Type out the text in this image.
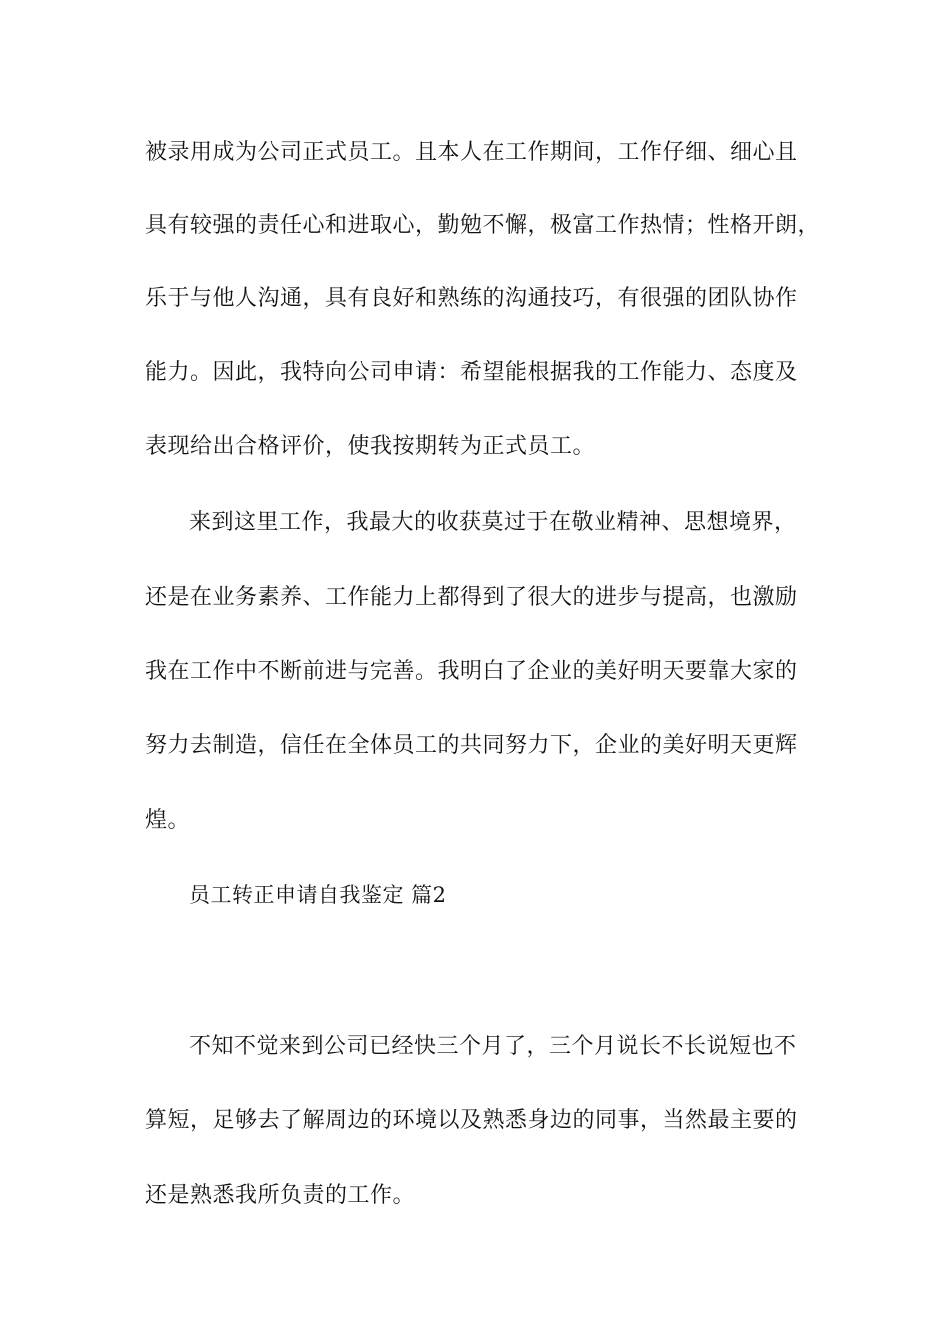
被录用成为公司正式员工。且本人在工作期间，工作仔细、细心且
具有较强的责任心和进取心，勤勉不懈，极富工作热情；性格开朗，
乐于与他人沟通，具有良好和熟练的沟通技巧，有很强的团队协作
能力。因此，我特向公司申请：希望能根据我的工作能力、态度及
表现给出合格评价，使我按期转为正式员工。
来到这里工作，我最大的收获莫过于在敬业精神、思想境界，
还是在业务素养、工作能力上都得到了很大的进步与提高，也激励
我在工作中不断前进与完善。我明白了企业的美好明天要靠大家的
努力去制造，信任在全体员工的共同努力下，企业的美好明天更辉
煌。
员工转正申请自我鉴定 篇2
不知不觉来到公司已经快三个月了，三个月说长不长说短也不
算短，足够去了解周边的环境以及熟悉身边的同事，当然最主要的
还是熟悉我所负责的工作。
